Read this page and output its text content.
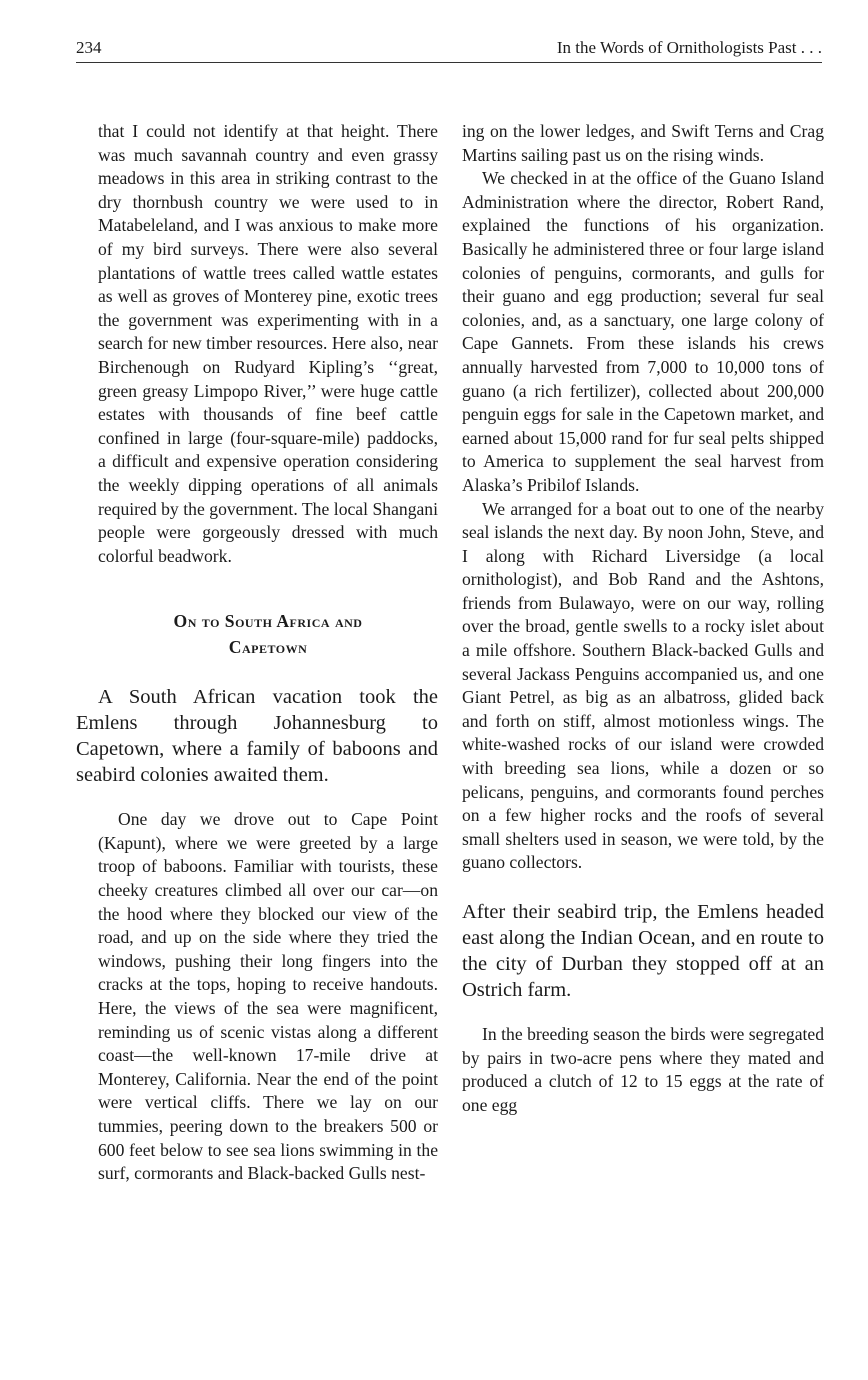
234	In the Words of Ornithologists Past . . .

that I could not identify at that height. There was much savannah country and even grassy meadows in this area in striking contrast to the dry thornbush country we were used to in Matabeleland, and I was anxious to make more of my bird surveys. There were also several plantations of wattle trees called wattle estates as well as groves of Monterey pine, exotic trees the government was experimenting with in a search for new timber resources. Here also, near Birchenough on Rudyard Kipling’s ‘‘great, green greasy Limpopo River,’’ were huge cattle estates with thousands of fine beef cattle confined in large (four-square-mile) paddocks, a difficult and expensive operation considering the weekly dipping operations of all animals required by the government. The local Shangani people were gorgeously dressed with much colorful beadwork.

On to South Africa and
Capetown

A South African vacation took the Emlens through Johannesburg to Capetown, where a family of baboons and seabird colonies awaited them.

One day we drove out to Cape Point (Kapunt), where we were greeted by a large troop of baboons. Familiar with tourists, these cheeky creatures climbed all over our car—on the hood where they blocked our view of the road, and up on the side where they tried the windows, pushing their long fingers into the cracks at the tops, hoping to receive handouts. Here, the views of the sea were magnificent, reminding us of scenic vistas along a different coast—the well-known 17-mile drive at Monterey, California. Near the end of the point were vertical cliffs. There we lay on our tummies, peering down to the breakers 500 or 600 feet below to see sea lions swimming in the surf, cormorants and Black-backed Gulls nest-

ing on the lower ledges, and Swift Terns and Crag Martins sailing past us on the rising winds.

We checked in at the office of the Guano Island Administration where the director, Robert Rand, explained the functions of his organization. Basically he administered three or four large island colonies of penguins, cormorants, and gulls for their guano and egg production; several fur seal colonies, and, as a sanctuary, one large colony of Cape Gannets. From these islands his crews annually harvested from 7,000 to 10,000 tons of guano (a rich fertilizer), collected about 200,000 penguin eggs for sale in the Capetown market, and earned about 15,000 rand for fur seal pelts shipped to America to supplement the seal harvest from Alaska’s Pribilof Islands.

We arranged for a boat out to one of the nearby seal islands the next day. By noon John, Steve, and I along with Richard Liversidge (a local ornithologist), and Bob Rand and the Ashtons, friends from Bulawayo, were on our way, rolling over the broad, gentle swells to a rocky islet about a mile offshore. Southern Black-backed Gulls and several Jackass Penguins accompanied us, and one Giant Petrel, as big as an albatross, glided back and forth on stiff, almost motionless wings. The white-washed rocks of our island were crowded with breeding sea lions, while a dozen or so pelicans, penguins, and cormorants found perches on a few higher rocks and the roofs of several small shelters used in season, we were told, by the guano collectors.

After their seabird trip, the Emlens headed east along the Indian Ocean, and en route to the city of Durban they stopped off at an Ostrich farm.

In the breeding season the birds were segregated by pairs in two-acre pens where they mated and produced a clutch of 12 to 15 eggs at the rate of one egg
